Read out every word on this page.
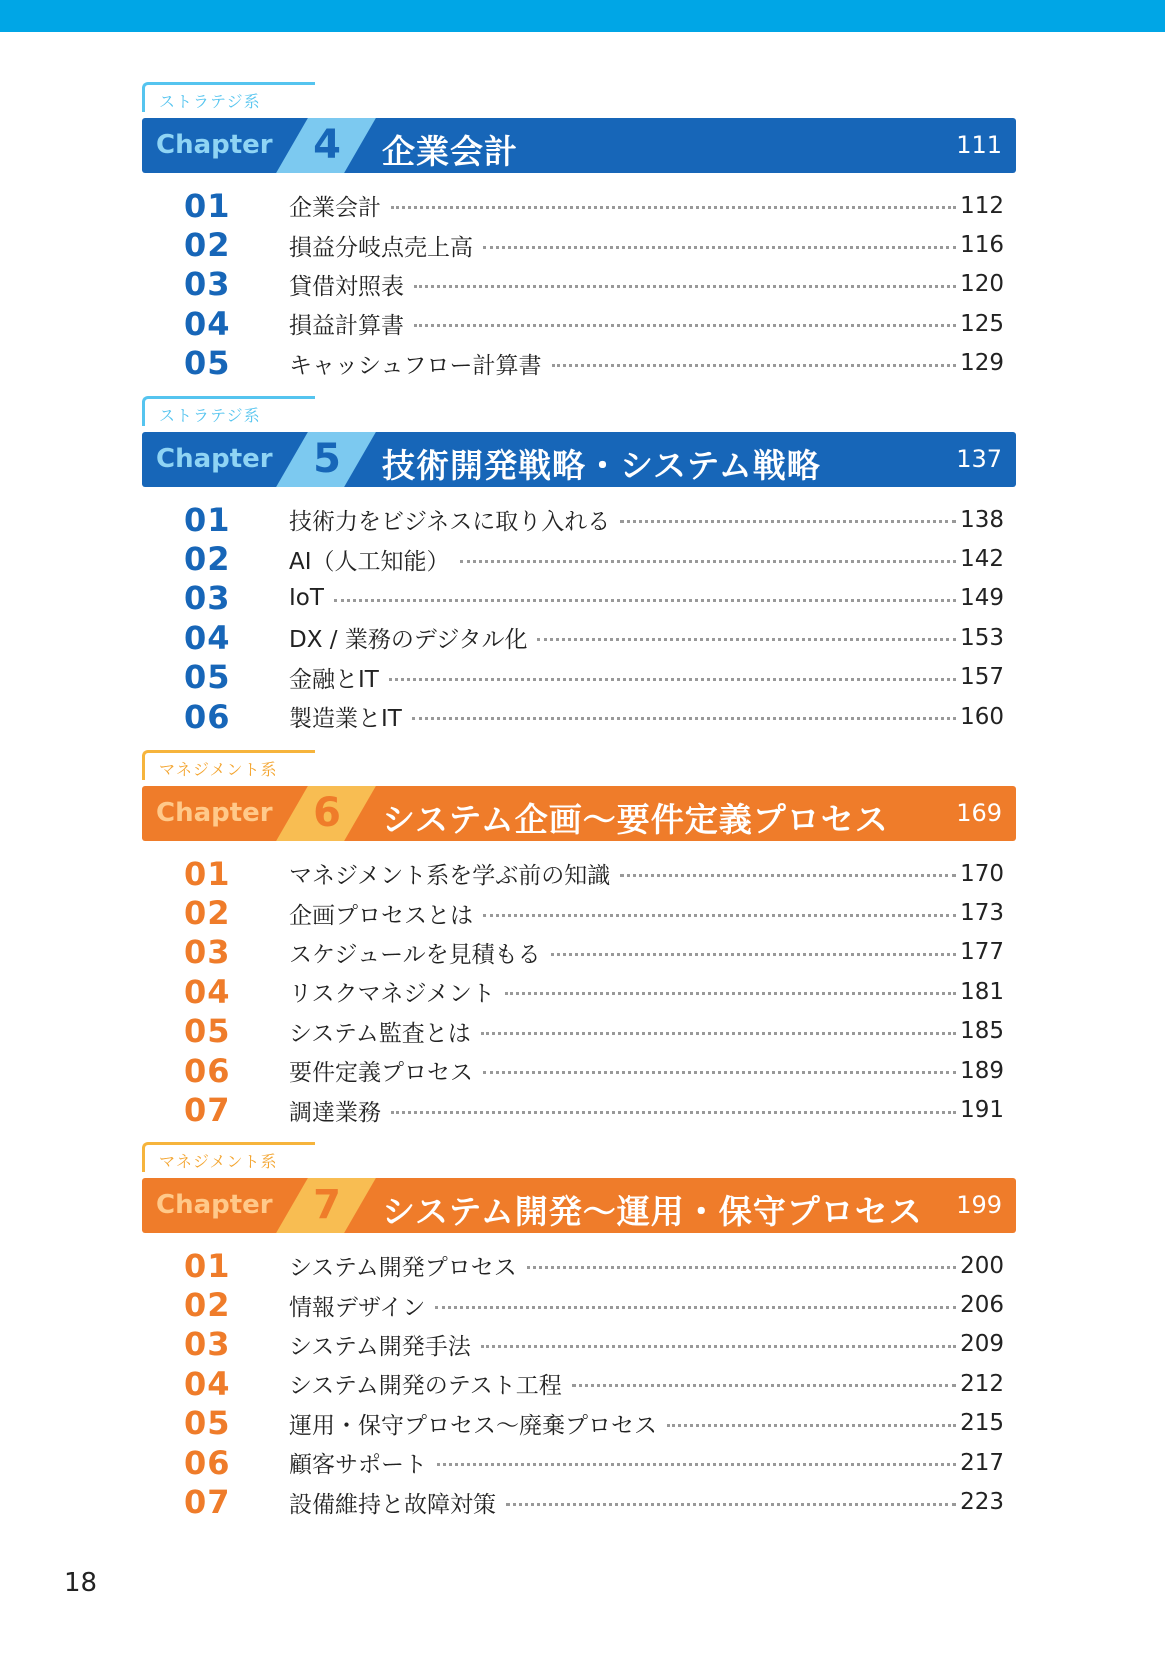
ストラテジ系
Chapter 4	企業会計	111
01	企業会計	112
02	損益分岐点売上高	116
03	貸借対照表	120
04	損益計算書	125
05	キャッシュフロー計算書	129
ストラテジ系
Chapter 5	技術開発戦略・システム戦略	137
01	技術力をビジネスに取り入れる	138
02	AI（人工知能）	142
03	IoT	149
04	DX / 業務のデジタル化	153
05	金融とIT	157
06	製造業とIT	160
マネジメント系
Chapter 6	システム企画～要件定義プロセス	169
01	マネジメント系を学ぶ前の知識	170
02	企画プロセスとは	173
03	スケジュールを見積もる	177
04	リスクマネジメント	181
05	システム監査とは	185
06	要件定義プロセス	189
07	調達業務	191
マネジメント系
Chapter 7	システム開発～運用・保守プロセス 199
01	システム開発プロセス	200
02	情報デザイン	206
03	システム開発手法	209
04	システム開発のテスト工程	212
05	運用・保守プロセス～廃棄プロセス	215
06	顧客サポート	217
07	設備維持と故障対策	223
18
